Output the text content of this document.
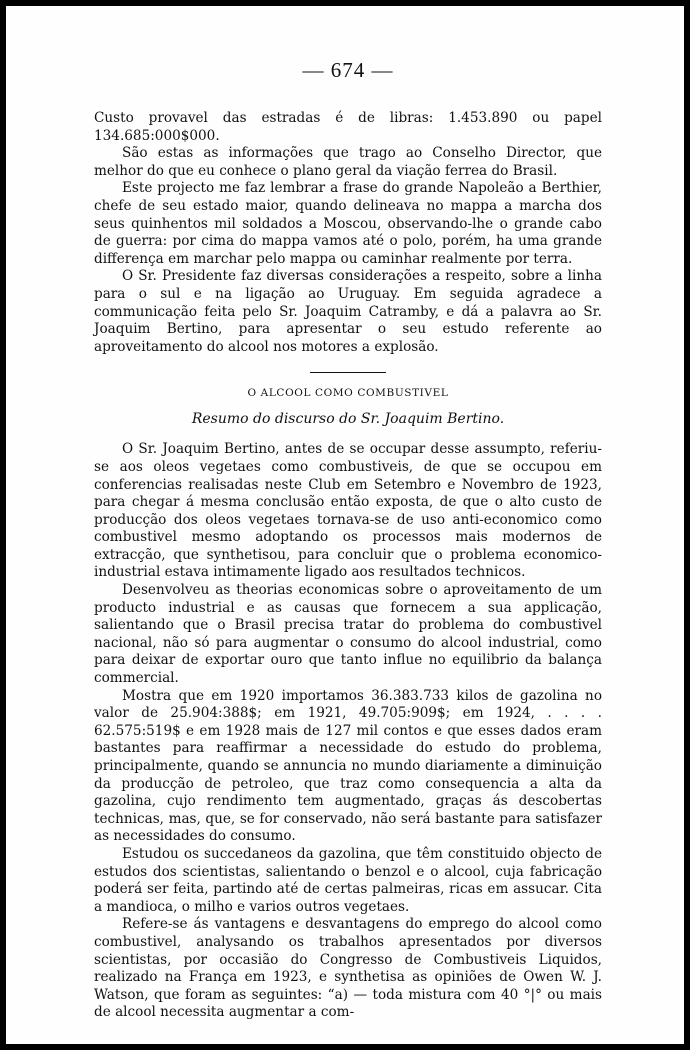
— 674 —

Custo provavel das estradas é de libras: 1.453.890 ou papel 134.685:000$000.

São estas as informações que trago ao Conselho Director, que melhor do que eu conhece o plano geral da viação ferrea do Brasil.

Este projecto me faz lembrar a frase do grande Napoleão a Berthier, chefe de seu estado maior, quando delineava no mappa a marcha dos seus quinhentos mil soldados a Moscou, observando-lhe o grande cabo de guerra: por cima do mappa vamos até o polo, porém, ha uma grande differença em marchar pelo mappa ou caminhar realmente por terra.

O Sr. Presidente faz diversas considerações a respeito, sobre a linha para o sul e na ligação ao Uruguay. Em seguida agradece a communicação feita pelo Sr. Joaquim Catramby, e dá a palavra ao Sr. Joaquim Bertino, para apresentar o seu estudo referente ao aproveitamento do alcool nos motores a explosão.

O ALCOOL COMO COMBUSTIVEL
Resumo do discurso do Sr. Joaquim Bertino.

O Sr. Joaquim Bertino, antes de se occupar desse assumpto, referiu-se aos oleos vegetaes como combustiveis, de que se occupou em conferencias realisadas neste Club em Setembro e Novembro de 1923, para chegar á mesma conclusão então exposta, de que o alto custo de producção dos oleos vegetaes tornava-se de uso anti-economico como combustivel mesmo adoptando os processos mais modernos de extracção, que synthetisou, para concluir que o problema economico-industrial estava intimamente ligado aos resultados technicos.

Desenvolveu as theorias economicas sobre o aproveitamento de um producto industrial e as causas que fornecem a sua applicação, salientando que o Brasil precisa tratar do problema do combustivel nacional, não só para augmentar o consumo do alcool industrial, como para deixar de exportar ouro que tanto influe no equilibrio da balança commercial.

Mostra que em 1920 importamos 36.383.733 kilos de gazolina no valor de 25.904:388$; em 1921, 49.705:909$; em 1924, . . . . 62.575:519$ e em 1928 mais de 127 mil contos e que esses dados eram bastantes para reaffirmar a necessidade do estudo do problema, principalmente, quando se annuncia no mundo diariamente a diminuição da producção de petroleo, que traz como consequencia a alta da gazolina, cujo rendimento tem augmentado, graças ás descobertas technicas, mas, que, se for conservado, não será bastante para satisfazer as necessidades do consumo.

Estudou os succedaneos da gazolina, que têm constituido objecto de estudos dos scientistas, salientando o benzol e o alcool, cuja fabricação poderá ser feita, partindo até de certas palmeiras, ricas em assucar. Cita a mandioca, o milho e varios outros vegetaes.

Refere-se ás vantagens e desvantagens do emprego do alcool como combustivel, analysando os trabalhos apresentados por diversos scientistas, por occasião do Congresso de Combustiveis Liquidos, realizado na França em 1923, e synthetisa as opiniões de Owen W. J. Watson, que foram as seguintes: “a) — toda mistura com 40 °|° ou mais de alcool necessita augmentar a com-
